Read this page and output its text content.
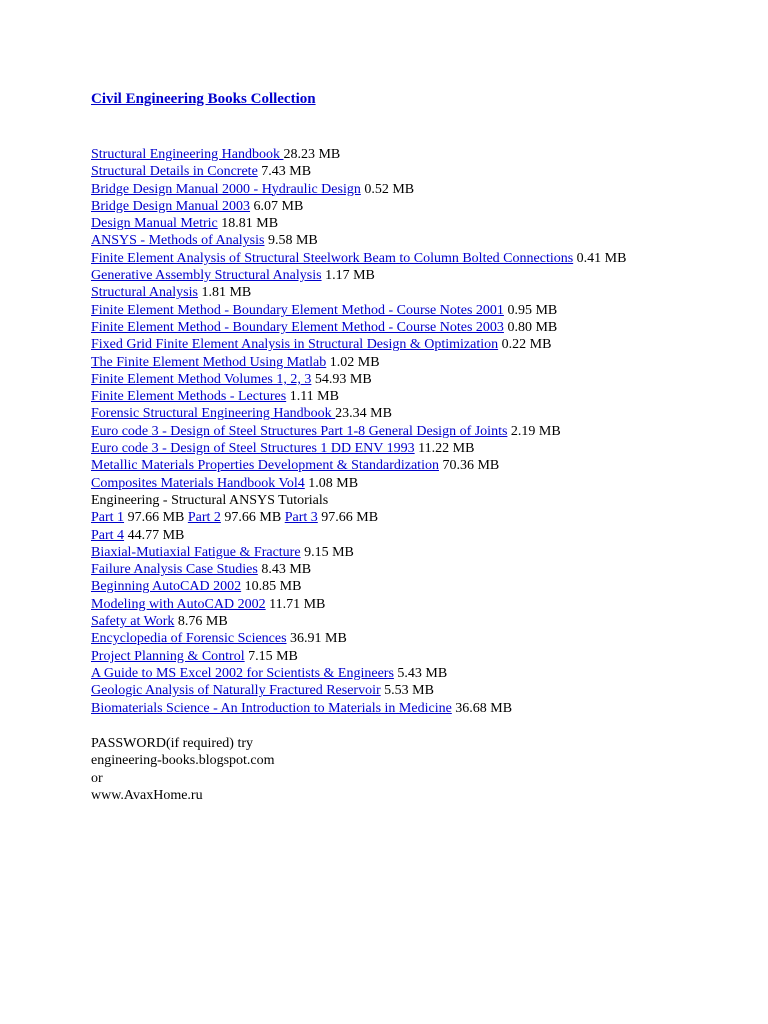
Civil Engineering Books Collection
Structural Engineering Handbook 28.23 MB
Structural Details in Concrete 7.43 MB
Bridge Design Manual 2000 - Hydraulic Design 0.52 MB
Bridge Design Manual 2003 6.07 MB
Design Manual Metric 18.81 MB
ANSYS - Methods of Analysis 9.58 MB
Finite Element Analysis of Structural Steelwork Beam to Column Bolted Connections 0.41 MB
Generative Assembly Structural Analysis 1.17 MB
Structural Analysis 1.81 MB
Finite Element Method - Boundary Element Method - Course Notes 2001 0.95 MB
Finite Element Method - Boundary Element Method - Course Notes 2003 0.80 MB
Fixed Grid Finite Element Analysis in Structural Design & Optimization 0.22 MB
The Finite Element Method Using Matlab 1.02 MB
Finite Element Method Volumes 1, 2, 3 54.93 MB
Finite Element Methods - Lectures 1.11 MB
Forensic Structural Engineering Handbook 23.34 MB
Euro code 3 - Design of Steel Structures Part 1-8 General Design of Joints 2.19 MB
Euro code 3 - Design of Steel Structures 1 DD ENV 1993 11.22 MB
Metallic Materials Properties Development & Standardization 70.36 MB
Composites Materials Handbook Vol4 1.08 MB
Engineering - Structural ANSYS Tutorials
Part 1 97.66 MB Part 2 97.66 MB Part 3 97.66 MB
Part 4 44.77 MB
Biaxial-Mutiaxial Fatigue & Fracture 9.15 MB
Failure Analysis Case Studies 8.43 MB
Beginning AutoCAD 2002 10.85 MB
Modeling with AutoCAD 2002 11.71 MB
Safety at Work 8.76 MB
Encyclopedia of Forensic Sciences 36.91 MB
Project Planning & Control 7.15 MB
A Guide to MS Excel 2002 for Scientists & Engineers 5.43 MB
Geologic Analysis of Naturally Fractured Reservoir 5.53 MB
Biomaterials Science - An Introduction to Materials in Medicine 36.68 MB
PASSWORD(if required) try
engineering-books.blogspot.com
or
www.AvaxHome.ru
